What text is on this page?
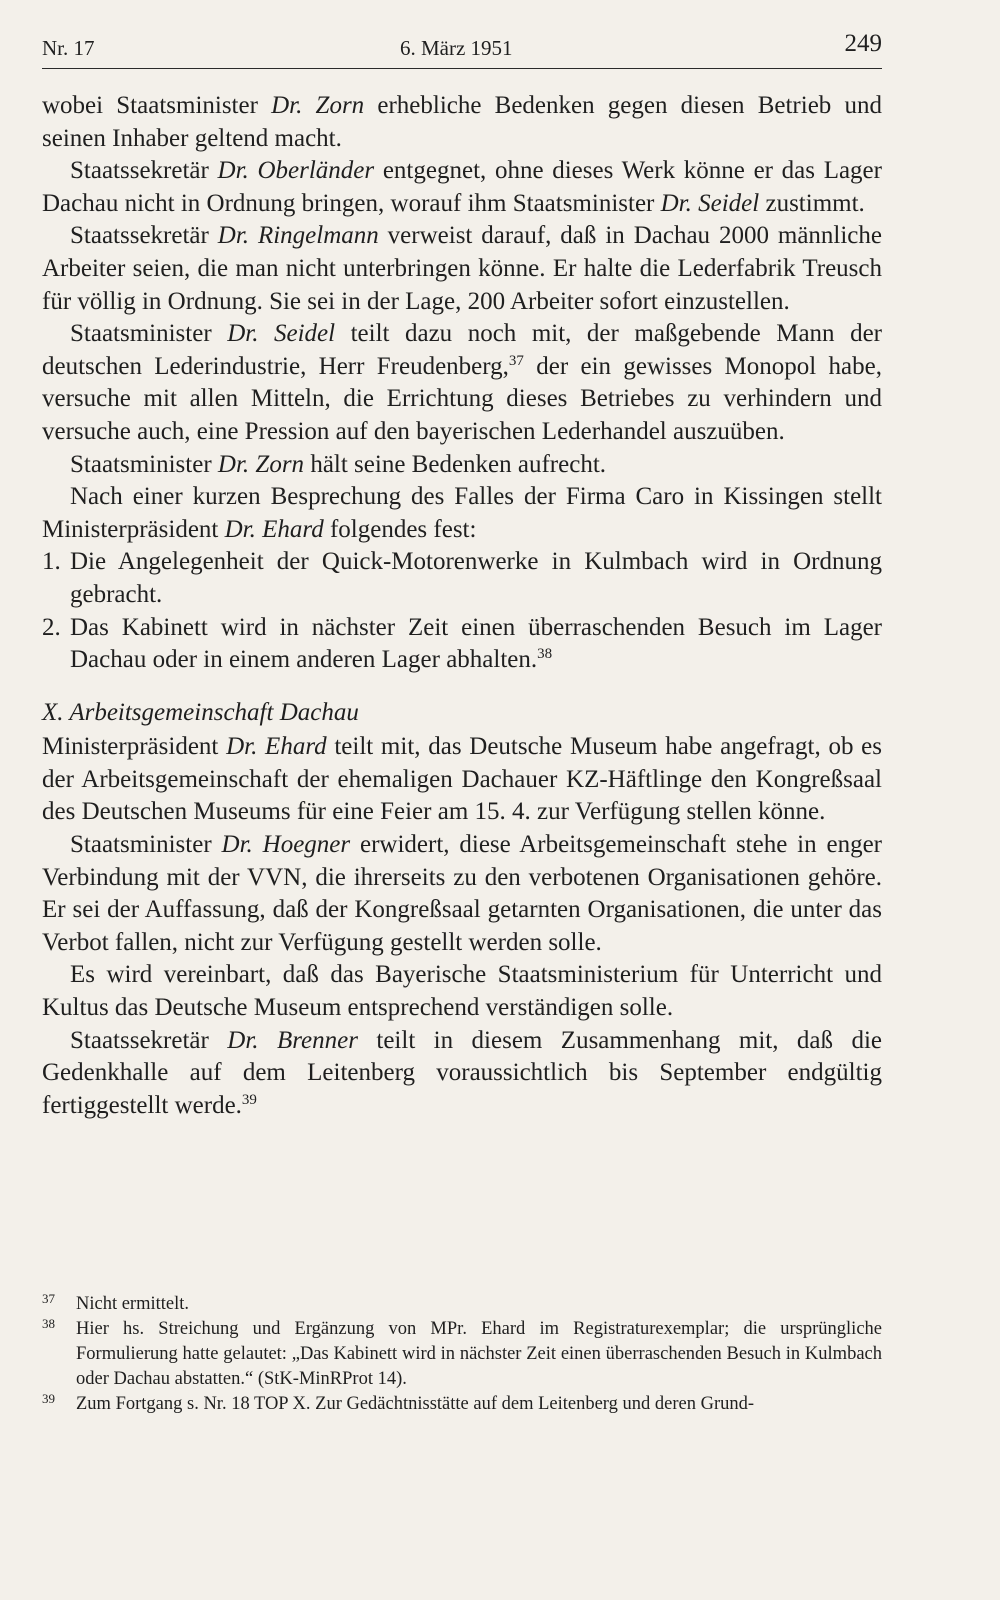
Nr. 17	6. März 1951	249

wobei Staatsminister Dr. Zorn erhebliche Bedenken gegen diesen Betrieb und seinen Inhaber geltend macht.

Staatssekretär Dr. Oberländer entgegnet, ohne dieses Werk könne er das Lager Dachau nicht in Ordnung bringen, worauf ihm Staatsminister Dr. Seidel zustimmt.

Staatssekretär Dr. Ringelmann verweist darauf, daß in Dachau 2000 männliche Arbeiter seien, die man nicht unterbringen könne. Er halte die Lederfabrik Treusch für völlig in Ordnung. Sie sei in der Lage, 200 Arbeiter sofort einzustellen.

Staatsminister Dr. Seidel teilt dazu noch mit, der maßgebende Mann der deutschen Lederindustrie, Herr Freudenberg,$^{37}$ der ein gewisses Monopol habe, versuche mit allen Mitteln, die Errichtung dieses Betriebes zu verhindern und versuche auch, eine Pression auf den bayerischen Lederhandel auszuüben.

Staatsminister Dr. Zorn hält seine Bedenken aufrecht.

Nach einer kurzen Besprechung des Falles der Firma Caro in Kissingen stellt Ministerpräsident Dr. Ehard folgendes fest:

1. Die Angelegenheit der Quick-Motorenwerke in Kulmbach wird in Ordnung gebracht.
2. Das Kabinett wird in nächster Zeit einen überraschenden Besuch im Lager Dachau oder in einem anderen Lager abhalten.$^{38}$
X. Arbeitsgemeinschaft Dachau

Ministerpräsident Dr. Ehard teilt mit, das Deutsche Museum habe angefragt, ob es der Arbeitsgemeinschaft der ehemaligen Dachauer KZ-Häftlinge den Kongreßsaal des Deutschen Museums für eine Feier am 15. 4. zur Verfügung stellen könne.

Staatsminister Dr. Hoegner erwidert, diese Arbeitsgemeinschaft stehe in enger Verbindung mit der VVN, die ihrerseits zu den verbotenen Organisationen gehöre. Er sei der Auffassung, daß der Kongreßsaal getarnten Organisationen, die unter das Verbot fallen, nicht zur Verfügung gestellt werden solle.

Es wird vereinbart, daß das Bayerische Staatsministerium für Unterricht und Kultus das Deutsche Museum entsprechend verständigen solle.

Staatssekretär Dr. Brenner teilt in diesem Zusammenhang mit, daß die Gedenkhalle auf dem Leitenberg voraussichtlich bis September endgültig fertiggestellt werde.$^{39}$

$^{37}$	Nicht ermittelt.
$^{38}$	Hier hs. Streichung und Ergänzung von MPr. Ehard im Registraturexemplar; die ursprüngliche Formulierung hatte gelautet: „Das Kabinett wird in nächster Zeit einen überraschenden Besuch in Kulmbach oder Dachau abstatten.“ (StK-MinRProt 14).
$^{39}$	Zum Fortgang s. Nr. 18 TOP X. Zur Gedächtnisstätte auf dem Leitenberg und deren Grund-
